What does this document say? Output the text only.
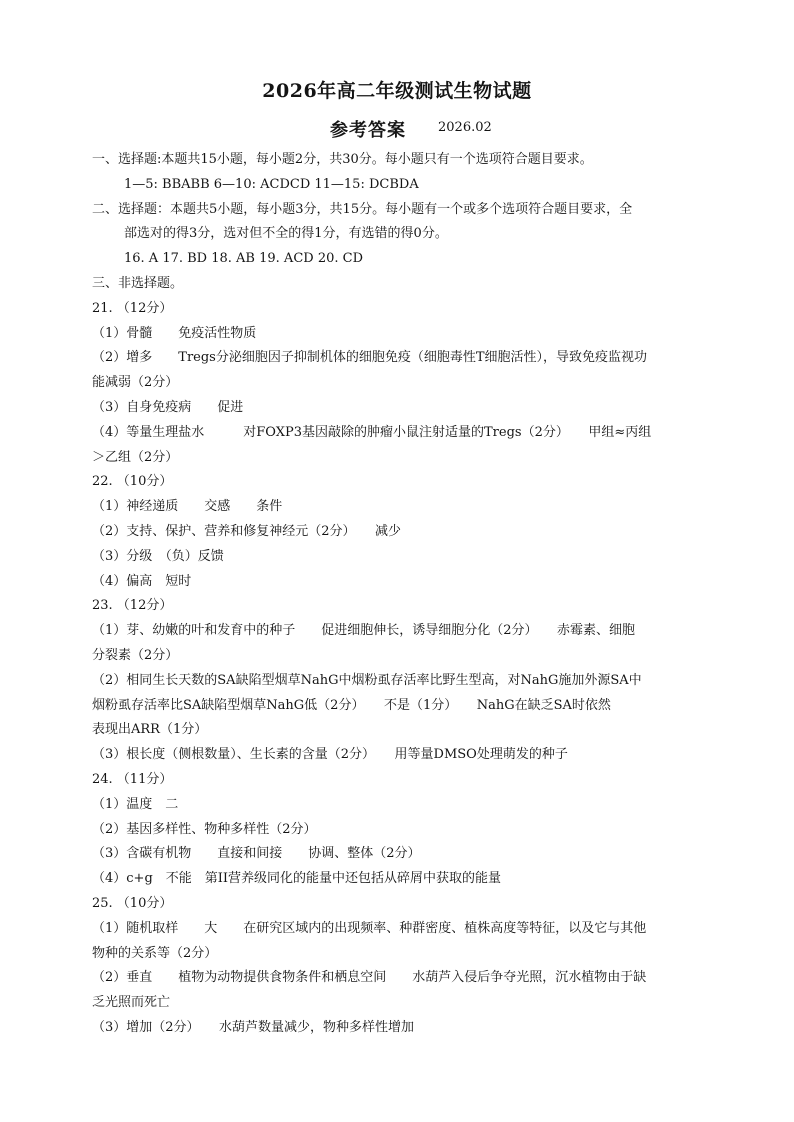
2026年高二年级测试生物试题
参考答案 2026.02

一、选择题:本题共15小题，每小题2分，共30分。每小题只有一个选项符合题目要求。

1—5: BBABB 6—10: ACDCD 11—15: DCBDA

二、选择题：本题共5小题，每小题3分，共15分。每小题有一个或多个选项符合题目要求，全

部选对的得3分，选对但不全的得1分，有选错的得0分。

16. A 17. BD 18. AB 19. ACD 20. CD

三、非选择题。

21. （12分）

（1）骨髓　　免疫活性物质

（2）增多　　Tregs分泌细胞因子抑制机体的细胞免疫（细胞毒性T细胞活性），导致免疫监视功

能减弱（2分）

（3）自身免疫病　　促进

（4）等量生理盐水　　　对FOXP3基因敲除的肿瘤小鼠注射适量的Tregs（2分）　　甲组≈丙组

＞乙组（2分）

22. （10分）

（1）神经递质　　交感　　条件

（2）支持、保护、营养和修复神经元（2分）　　减少

（3）分级　（负）反馈

（4）偏高　短时

23. （12分）

（1）芽、幼嫩的叶和发育中的种子　　促进细胞伸长，诱导细胞分化（2分）　　赤霉素、细胞

分裂素（2分）

（2）相同生长天数的SA缺陷型烟草NahG中烟粉虱存活率比野生型高，对NahG施加外源SA中

烟粉虱存活率比SA缺陷型烟草NahG低（2分）　　不是（1分）　　NahG在缺乏SA时依然

表现出ARR（1分）

（3）根长度（侧根数量）、生长素的含量（2分）　　用等量DMSO处理萌发的种子

24. （11分）

（1）温度　二

（2）基因多样性、物种多样性（2分）

（3）含碳有机物　　直接和间接　　协调、整体（2分）

（4）c+g　不能　第II营养级同化的能量中还包括从碎屑中获取的能量

25. （10分）

（1）随机取样　　大　　在研究区域内的出现频率、种群密度、植株高度等特征，以及它与其他

物种的关系等（2分）

（2）垂直　　植物为动物提供食物条件和栖息空间　　水葫芦入侵后争夺光照，沉水植物由于缺

乏光照而死亡

（3）增加（2分）　　水葫芦数量减少，物种多样性增加
